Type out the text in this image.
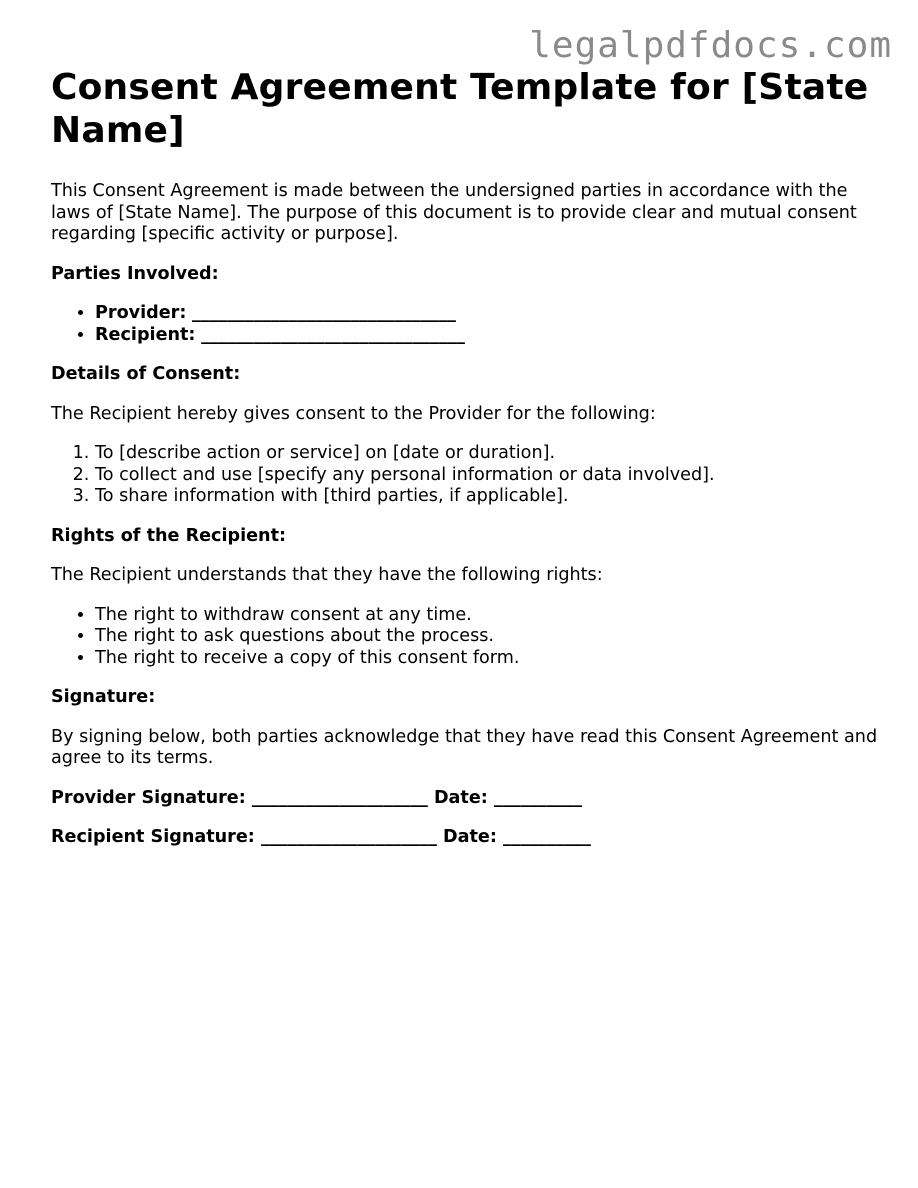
legalpdfdocs.com
Consent Agreement Template for [State Name]

This Consent Agreement is made between the undersigned parties in accordance with the laws of [State Name]. The purpose of this document is to provide clear and mutual consent regarding [specific activity or purpose].

Parties Involved:

• Provider: ______________________________
• Recipient: ______________________________

Details of Consent:

The Recipient hereby gives consent to the Provider for the following:

1. To [describe action or service] on [date or duration].
2. To collect and use [specify any personal information or data involved].
3. To share information with [third parties, if applicable].

Rights of the Recipient:

The Recipient understands that they have the following rights:

• The right to withdraw consent at any time.
• The right to ask questions about the process.
• The right to receive a copy of this consent form.

Signature:

By signing below, both parties acknowledge that they have read this Consent Agreement and agree to its terms.

Provider Signature: ____________________ Date: __________

Recipient Signature: ____________________ Date: __________
